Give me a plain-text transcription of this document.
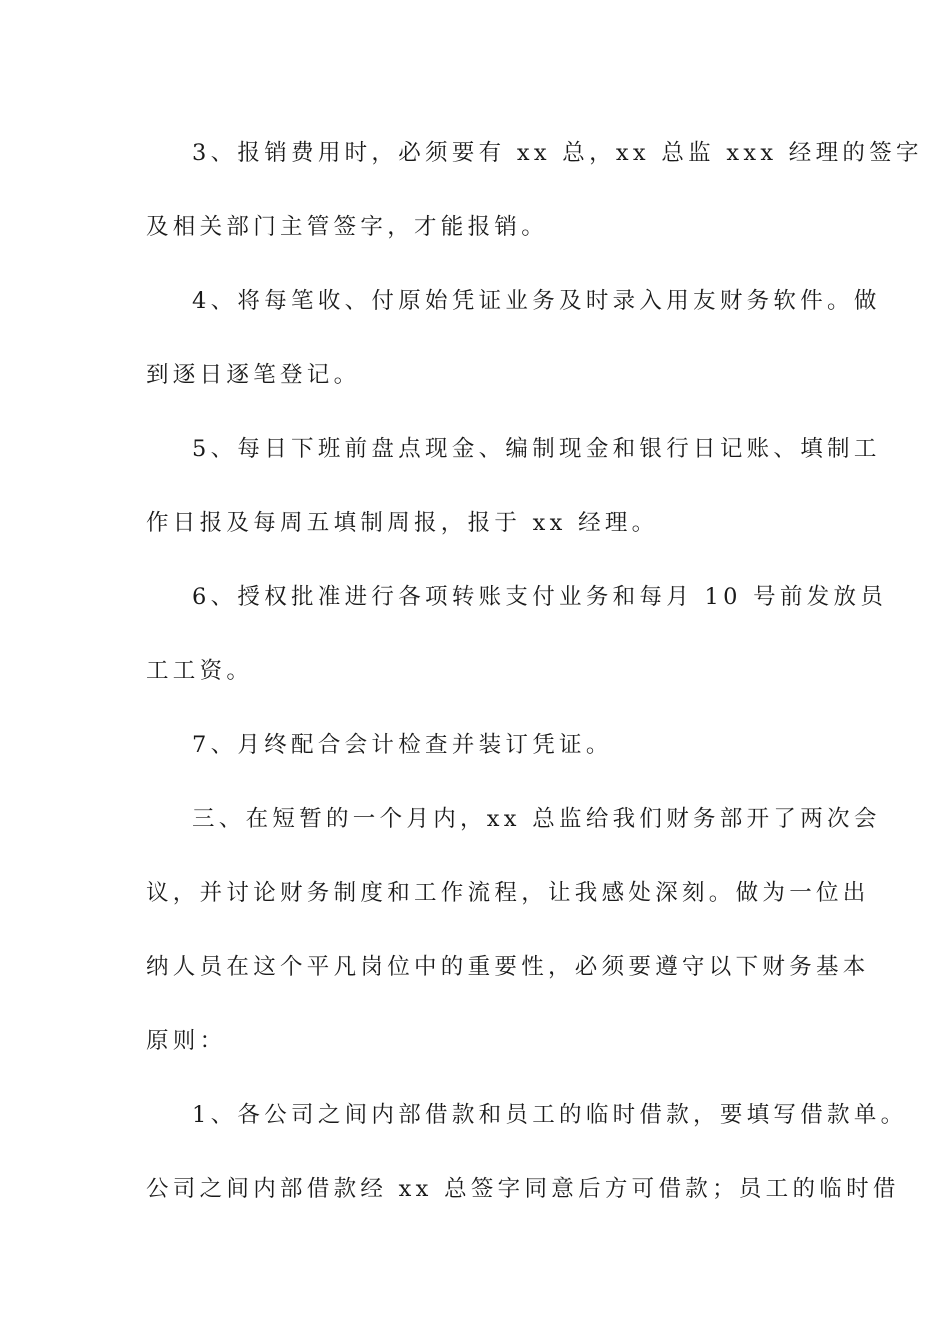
3、报销费用时，必须要有 xx 总，xx 总监 xxx 经理的签字
及相关部门主管签字，才能报销。
4、将每笔收、付原始凭证业务及时录入用友财务软件。做
到逐日逐笔登记。
5、每日下班前盘点现金、编制现金和银行日记账、填制工
作日报及每周五填制周报，报于 xx 经理。
6、授权批准进行各项转账支付业务和每月 10 号前发放员
工工资。
7、月终配合会计检查并装订凭证。
三、在短暂的一个月内，xx 总监给我们财务部开了两次会
议，并讨论财务制度和工作流程，让我感处深刻。做为一位出
纳人员在这个平凡岗位中的重要性，必须要遵守以下财务基本
原则：
1、各公司之间内部借款和员工的临时借款，要填写借款单。
公司之间内部借款经 xx 总签字同意后方可借款；员工的临时借
